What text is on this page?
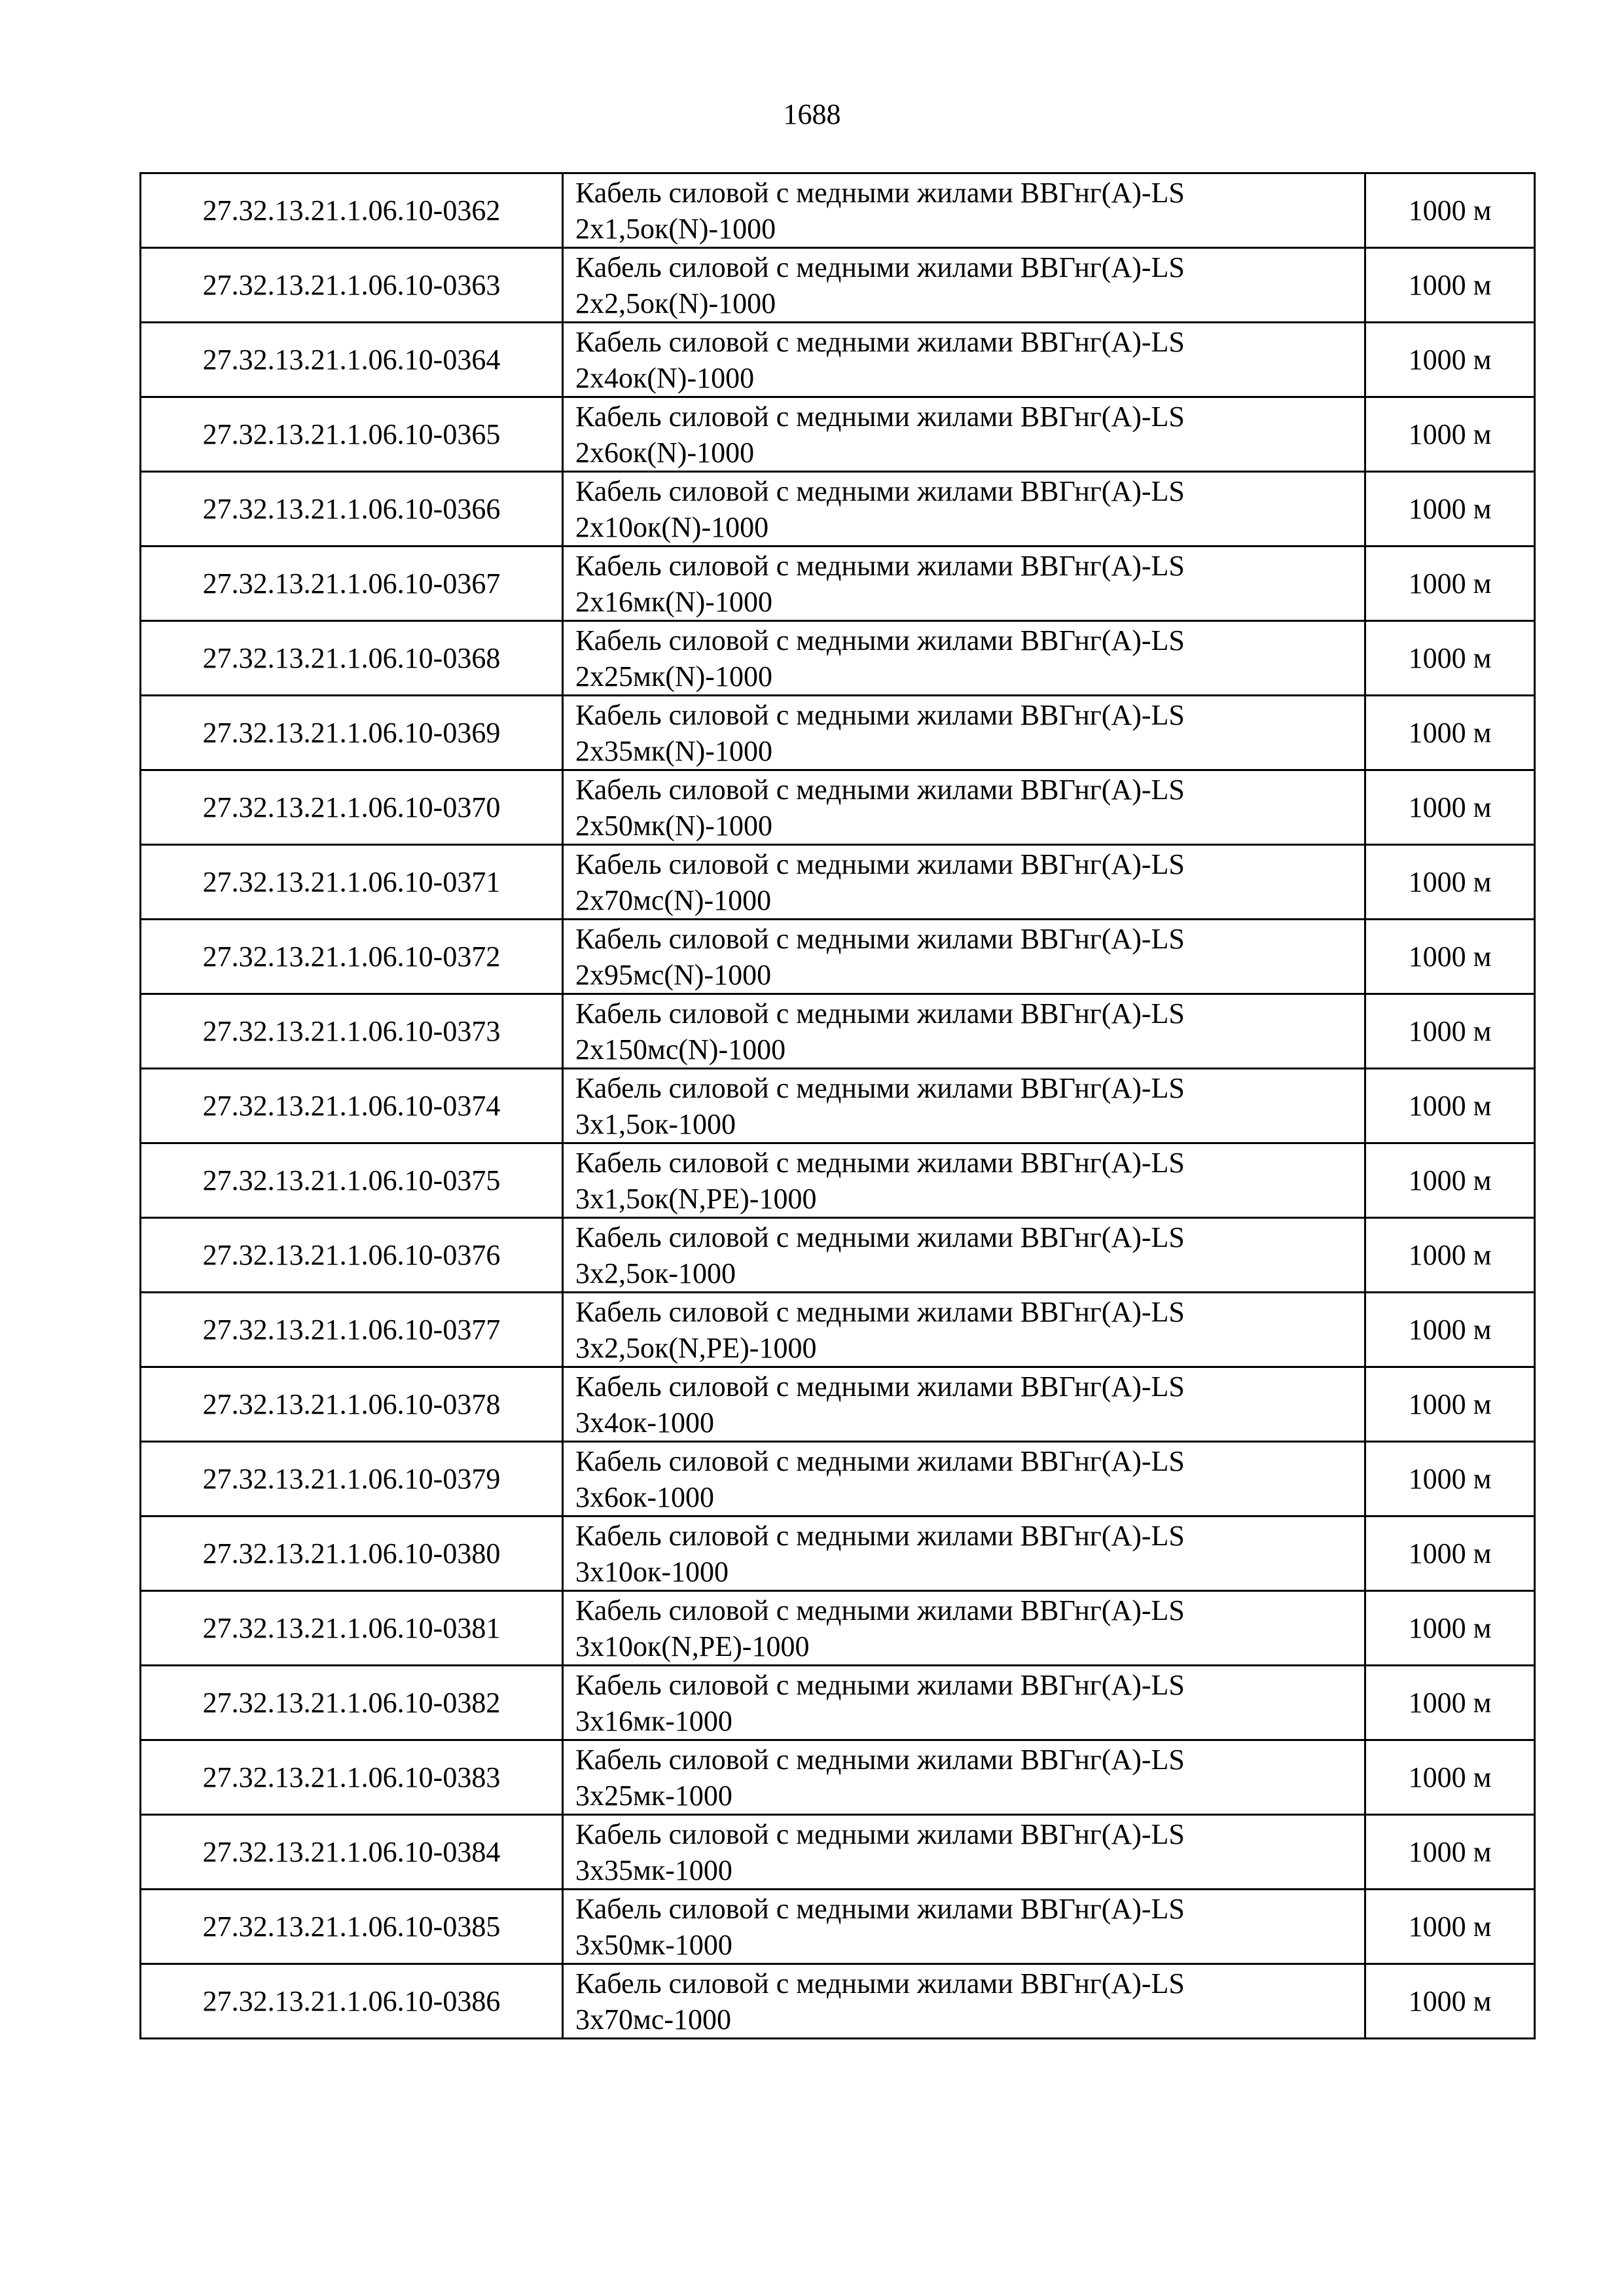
1688
27.32.13.21.1.06.10-0362	Кабель силовой с медными жилами ВВГнг(А)-LS
2х1,5ок(N)-1000	1000 м
27.32.13.21.1.06.10-0363	Кабель силовой с медными жилами ВВГнг(А)-LS
2х2,5ок(N)-1000	1000 м
27.32.13.21.1.06.10-0364	Кабель силовой с медными жилами ВВГнг(А)-LS
2х4ок(N)-1000	1000 м
27.32.13.21.1.06.10-0365	Кабель силовой с медными жилами ВВГнг(А)-LS
2х6ок(N)-1000	1000 м
27.32.13.21.1.06.10-0366	Кабель силовой с медными жилами ВВГнг(А)-LS
2х10ок(N)-1000	1000 м
27.32.13.21.1.06.10-0367	Кабель силовой с медными жилами ВВГнг(А)-LS
2х16мк(N)-1000	1000 м
27.32.13.21.1.06.10-0368	Кабель силовой с медными жилами ВВГнг(А)-LS
2х25мк(N)-1000	1000 м
27.32.13.21.1.06.10-0369	Кабель силовой с медными жилами ВВГнг(А)-LS
2х35мк(N)-1000	1000 м
27.32.13.21.1.06.10-0370	Кабель силовой с медными жилами ВВГнг(А)-LS
2х50мк(N)-1000	1000 м
27.32.13.21.1.06.10-0371	Кабель силовой с медными жилами ВВГнг(А)-LS
2х70мс(N)-1000	1000 м
27.32.13.21.1.06.10-0372	Кабель силовой с медными жилами ВВГнг(А)-LS
2х95мс(N)-1000	1000 м
27.32.13.21.1.06.10-0373	Кабель силовой с медными жилами ВВГнг(А)-LS
2х150мс(N)-1000	1000 м
27.32.13.21.1.06.10-0374	Кабель силовой с медными жилами ВВГнг(А)-LS
3х1,5ок-1000	1000 м
27.32.13.21.1.06.10-0375	Кабель силовой с медными жилами ВВГнг(А)-LS
3х1,5ок(N,PE)-1000	1000 м
27.32.13.21.1.06.10-0376	Кабель силовой с медными жилами ВВГнг(А)-LS
3х2,5ок-1000	1000 м
27.32.13.21.1.06.10-0377	Кабель силовой с медными жилами ВВГнг(А)-LS
3х2,5ок(N,PE)-1000	1000 м
27.32.13.21.1.06.10-0378	Кабель силовой с медными жилами ВВГнг(А)-LS
3х4ок-1000	1000 м
27.32.13.21.1.06.10-0379	Кабель силовой с медными жилами ВВГнг(А)-LS
3х6ок-1000	1000 м
27.32.13.21.1.06.10-0380	Кабель силовой с медными жилами ВВГнг(А)-LS
3х10ок-1000	1000 м
27.32.13.21.1.06.10-0381	Кабель силовой с медными жилами ВВГнг(А)-LS
3х10ок(N,PE)-1000	1000 м
27.32.13.21.1.06.10-0382	Кабель силовой с медными жилами ВВГнг(А)-LS
3х16мк-1000	1000 м
27.32.13.21.1.06.10-0383	Кабель силовой с медными жилами ВВГнг(А)-LS
3х25мк-1000	1000 м
27.32.13.21.1.06.10-0384	Кабель силовой с медными жилами ВВГнг(А)-LS
3х35мк-1000	1000 м
27.32.13.21.1.06.10-0385	Кабель силовой с медными жилами ВВГнг(А)-LS
3х50мк-1000	1000 м
27.32.13.21.1.06.10-0386	Кабель силовой с медными жилами ВВГнг(А)-LS
3х70мс-1000	1000 м
